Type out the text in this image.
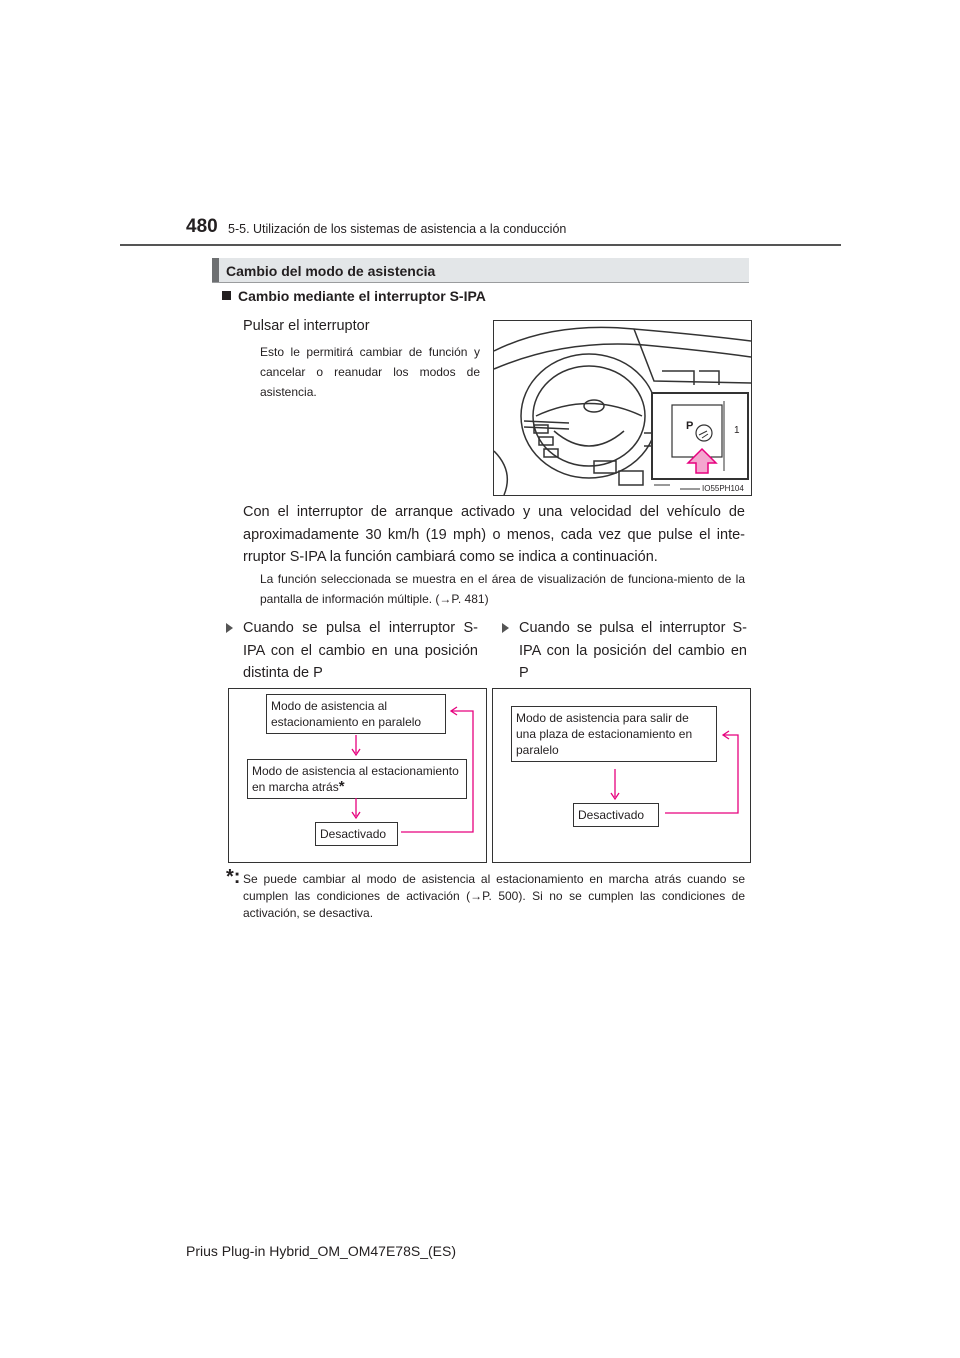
480 5-5. Utilización de los sistemas de asistencia a la conducción
Cambio del modo de asistencia
Cambio mediante el interruptor S-IPA
Pulsar el interruptor
Esto le permitirá cambiar de función y cancelar o reanudar los modos de asistencia.
P	1
IO55PH104
Con el interruptor de arranque activado y una velocidad del vehículo de aproximadamente 30 km/h (19 mph) o menos, cada vez que pulse el inte-rruptor S-IPA la función cambiará como se indica a continuación.
La función seleccionada se muestra en el área de visualización de funciona-miento de la pantalla de información múltiple. (→P. 481)
Cuando se pulsa el interruptor S-IPA con el cambio en una posición distinta de P
Cuando se pulsa el interruptor S-IPA con la posición del cambio en P
Modo de asistencia al estacionamiento en paralelo
Modo de asistencia al estacionamiento en marcha atrás*
Desactivado
Modo de asistencia para salir de una plaza de estacionamiento en paralelo
Desactivado
*: Se puede cambiar al modo de asistencia al estacionamiento en marcha atrás cuando se cumplen las condiciones de activación (→P. 500). Si no se cumplen las condiciones de activación, se desactiva.
Prius Plug-in Hybrid_OM_OM47E78S_(ES)
